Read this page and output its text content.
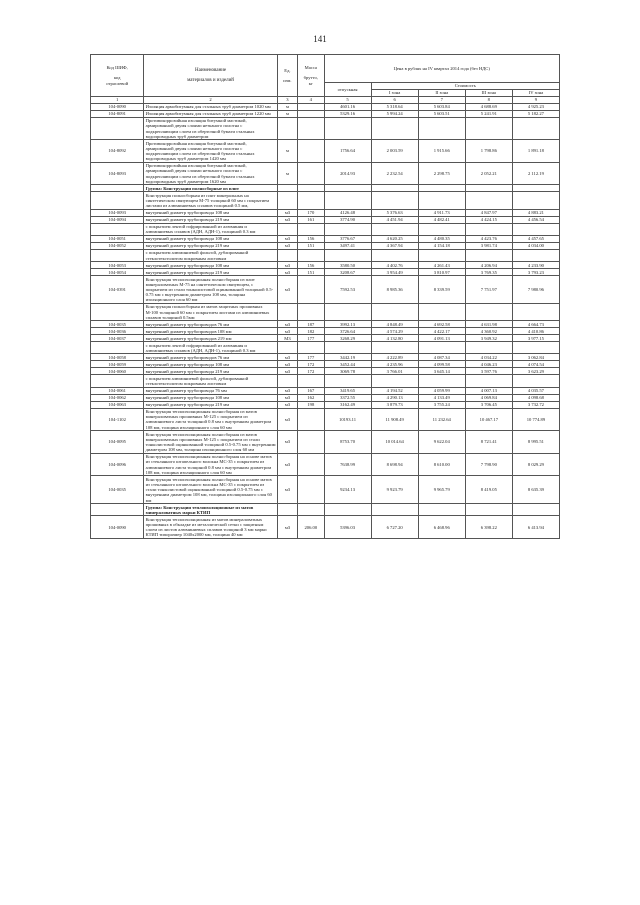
141
Код ШИФ,

код
отраслевой	Наименование

материалов и изделий	Ед.

изм.	Масса

брутто,
кг	Цена в рублях на IV квартал 2014 года (без НДС)				
				отпускная	Стоимость			
					I зона	II зона	III зона	IV зона
1	2	3	4	5	6	7	8	9
104-0090	Изоляция армобитумная для стальных труб диаметром 1020 мм	м		4601.16	5 318.64	5 603.84	4 688.69	4 925.23
104-8091	Изоляция армобитумная для стальных труб диаметром 1220 мм	м		5329.16	5 994.24	5 603.51	5 241.91	5 182.27
	Противокоррозийная изоляция битумной мастикой, армированной двумя слоями нетканого полотна с подкрепляющим слоем из оберточной бумаги стальных водопроводных труб диаметром							
104-8092	Противокоррозийная изоляция битумной мастикой, армированной двумя слоями нетканого полотна с подкрепляющим слоем из оберточной бумаги стальных водопроводных труб диаметром 1420 мм	м		1756.64	2 003.59	1 915.66	1 798.86	1 891.18
104-8093	Противокоррозийная изоляция битумной мастикой, армированной двумя слоями нетканого полотна с подкрепляющим слоем из оберточной бумаги стальных водопроводных труб диаметром 1620 мм	м		2014.93	2 232.54	2 298.75	2 052.21	2 112.19
	Группа: Конструкции полносборные из плит							
	Конструкция полносборная из плит минеральных на синтетическом связующем М-75 толщиной 60 мм с покрытием листами из алюминиевых сплавов толщиной 0.5 мм,							
104-0093	внутренний диаметр трубопровода 108 мм	м3	170	4126.48	5 376.63	4 911.73	4 847.97	4 883.21
104-0094	внутренний диаметр трубопровода 219 мм	м3	161	3774.90	4 451.94	4 482.41	4 424.15	4 456.54
	с покрытием лентой гофрированной из алюминия и алюминиевых сплавов (АДН, АДН-1), толщиной 0.3 мм							
104-0051	внутренний диаметр трубопровода 108 мм	м3	156	3776.67	4 620.25	4 480.35	4 423.76	4 457.65
104-0052	внутренний диаметр трубопровода 219 мм	м3	151	3497.41	4 367.94	4 154.18	3 981.74	4 034.00
	с покрытием алюминиевой фольгой, дублированной стеклотекстолитом покровным листовым							
104-0053	внутренний диаметр трубопровода 108 мм	м3	156	3580.50	4 402.76	4 261.43	4 206.94	4 233.90
104-0054	внутренний диаметр трубопровода 219 мм	м3	151	3208.67	3 954.49	3 810.97	3 769.35	3 793.23
104-0391	Конструкция теплоизоляционная полносборная из плит минераловатных М-75 на синтетическом связующем, с покрытием из стали тонколистовой оцинкованной толщиной 0.5-0.75 мм с внутренним диаметром 108 мм, толщина изоляционного слоя 60 мм	м3		7592.53	8 985.36	8 339.59	7 751.97	7 980.96
	Конструкция полносборная из матов защитных прошивных М-100 толщиной 60 мм с покрытием листами из алюминиевых сплавов толщиной 0.5мм							
104-0035	внутренний диаметр трубопроводов 76 мм	м3	187	3992.13	4 848.49	4 692.58	4 631.98	4 664.73
104-0036	внутренний диаметр трубопроводов 108 мм	м3	182	3726.64	4 574.29	4 422.17	4 360.92	4 410.86
104-0037	внутренний диаметр трубопроводов 219 мм	М3	177	3268.29	4 132.80	4 091.13	3 949.32	3 977.15
	с покрытием лентой гофрированной из алюминия и алюминиевых сплавов (АДН, АДН-1), толщиной 0.3 мм							
104-0058	внутренний диаметр трубопроводов 76 мм	м3	177	3442.19	4 222.89	4 087.34	4 034.22	3 062.84
104-0059	внутренний диаметр трубопровода 108 мм	м3	172	3452.44	4 235.96	4 099.58	4 046.23	4 074.54
104-0060	внутренний диаметр трубопровода 219 мм	м3	172	3069.78	3 766.01	3 645.14	3 597.76	3 623.29
	с покрытием алюминиевой фольгой, дублированной стеклотекстолитом покровным листовым							
104-0061	внутренний диаметр трубопровода 76 мм	м3	167	3419.65	4 194.52	4 059.99	4 007.13	4 035.57
104-0062	внутренний диаметр трубопровода 108 мм	м3	162	3372.55	4 290.13	4 133.49	4 069.84	4 098.68
104-0063	внутренний диаметр трубопровода 219 мм	м3	198	3162.49	3 879.73	3 755.24	3 706.45	3 732.72
104-1102	Конструкция теплоизоляционная полносборная из матов минераловатных прошивных М-125 с покрытием из алюминиевого листа толщиной 0.8 мм с внутренним диаметром 108 мм, толщина изоляционного слоя 60 мм	м3		10193.11	11 908.49	11 232.64	10 467.17	10 774.89
104-0095	Конструкция теплоизоляционная полносборная из матов минераловатных прошивных М-125 с покрытием из стали тонколистовой оцинкованной толщиной 0.5-0.75 мм с внутренним диаметром 108 мм, толщина изоляционного слоя 60 мм	м3		8753.70	10 014.64	9 622.04	8 721.41	8 995.51
104-0096	Конструкция теплоизоляционная полносборная на основе матов из стеклянного штапельного волокна МС-35 с покрытием из алюминиевого листа толщиной 0.8 мм с внутренним диаметром 108 мм, толщина изоляционного слоя 60 мм	м3		7638.99	8 698.94	8 610.00	7 798.90	8 029.29
104-0035	Конструкция теплоизоляционная полносборная на основе матов из стеклянного штапельного волокна МС-35 с покрытием из стали тонколистовой оцинкованной толщиной 0.5-0.75 мм с внутренним диаметром 108 мм, толщина изоляционного слоя 60 мм	м3		9234.13	9 923.79	9 965.79	8 419.05	8 635.39
	Группа: Конструкции теплоизоляционные из матов минераловатных марки КТИП							
104-0090	Конструкция теплоизоляционная из матов минераловатных прошивных в обкладке из металлической сетки с защитным слоем из листов алюминиевых сплавов толщиной 3 мм марки КТИП типоразмер 1040х2000 мм, толщина 40 мм	м3	206.00	5396.03	6 727.20	6 468.96	6 398.22	6 413.94
